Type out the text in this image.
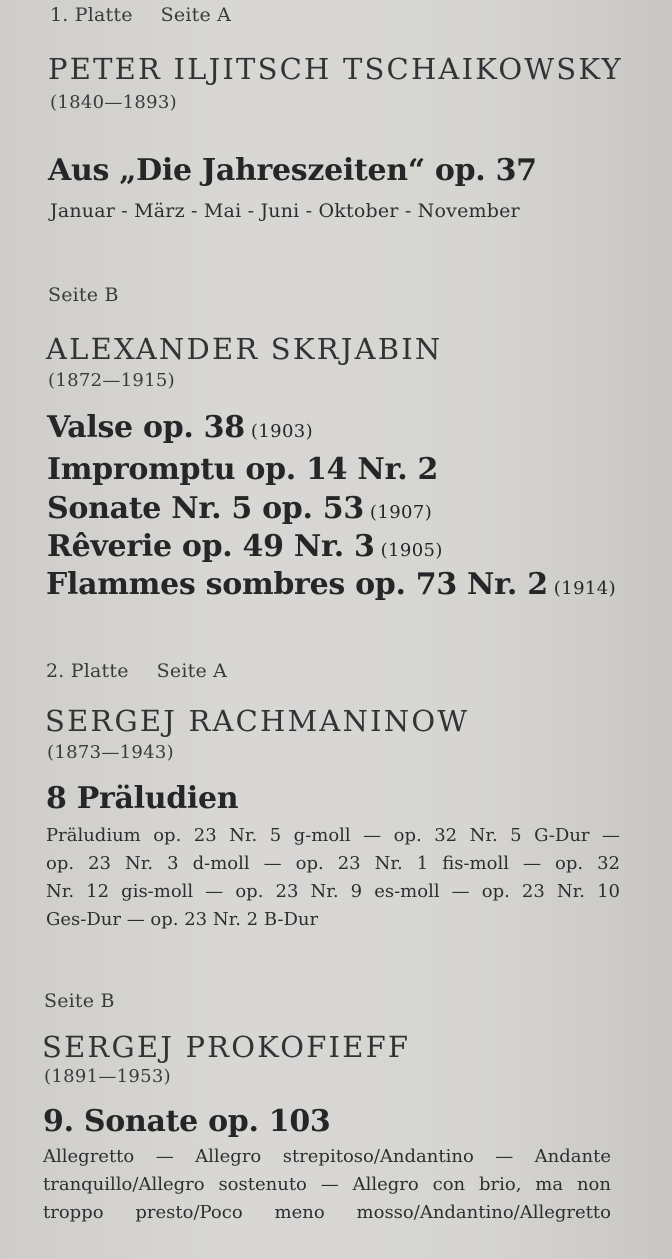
1. Platte Seite A
PETER ILJITSCH TSCHAIKOWSKY
(1840—1893)
Aus „Die Jahreszeiten“ op. 37
Januar - März - Mai - Juni - Oktober - November
Seite B
ALEXANDER SKRJABIN
(1872—1915)
Valse op. 38 (1903)
Impromptu op. 14 Nr. 2
Sonate Nr. 5 op. 53 (1907)
Rêverie op. 49 Nr. 3 (1905)
Flammes sombres op. 73 Nr. 2 (1914)
2. Platte Seite A
SERGEJ RACHMANINOW
(1873—1943)
8 Präludien
Präludium op. 23 Nr. 5 g-moll — op. 32 Nr. 5 G-Dur —
op. 23 Nr. 3 d-moll — op. 23 Nr. 1 fis-moll — op. 32
Nr. 12 gis-moll — op. 23 Nr. 9 es-moll — op. 23 Nr. 10
Ges-Dur — op. 23 Nr. 2 B-Dur
Seite B
SERGEJ PROKOFIEFF
(1891—1953)
9. Sonate op. 103
Allegretto — Allegro strepitoso/Andantino — Andante
tranquillo/Allegro sostenuto — Allegro con brio, ma non
troppo presto/Poco meno mosso/Andantino/Allegretto
